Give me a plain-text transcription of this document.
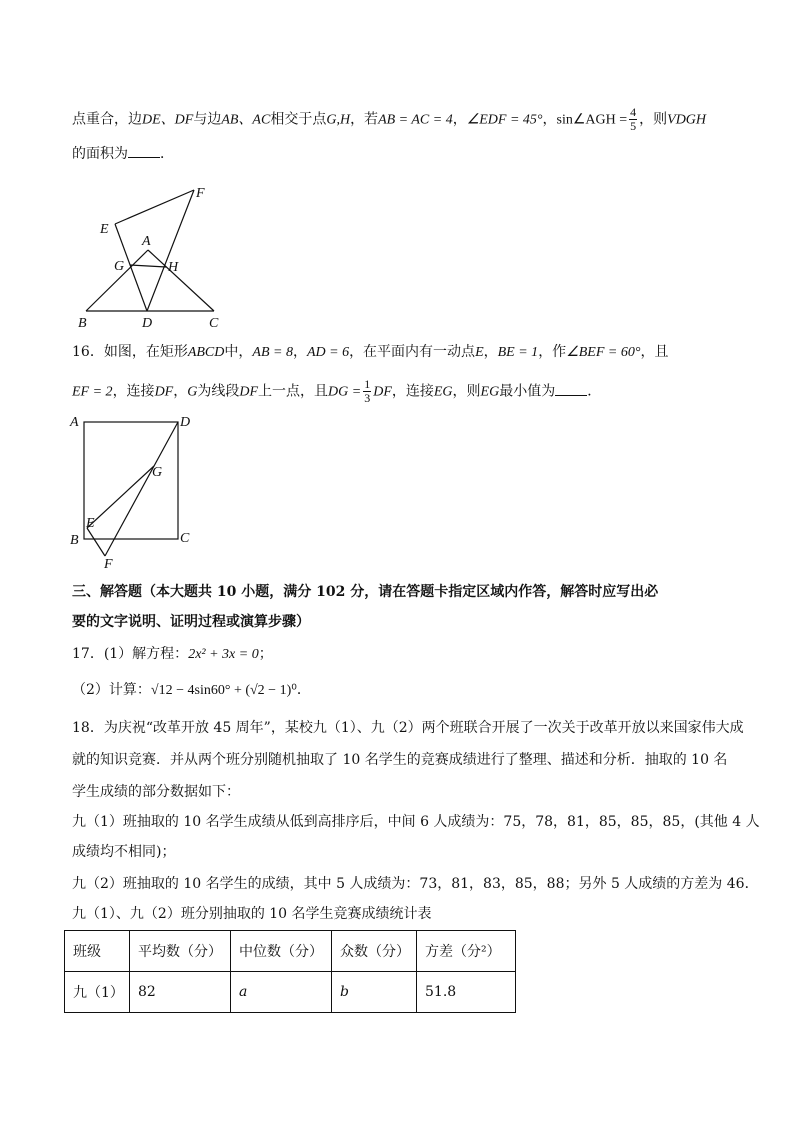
点重合，边DE、DF与边AB、AC相交于点G,H，若AB = AC = 4，∠EDF = 45°，sin∠AGH = $\frac{4}{5}$ ，则VDGH
的面积为 ．
F
E
A
G	H
B	D	C
16．如图，在矩形ABCD中，AB = 8，AD = 6，在平面内有一动点E，BE = 1，作∠BEF = 60°，且
EF = 2，连接DF，G为线段DF上一点，且DG = $\frac{1}{3}$ DF，连接EG，则EG最小值为 ．
A	D
G
E
B	C
F
三、解答题（本大题共 10 小题，满分 102 分，请在答题卡指定区域内作答，解答时应写出必
要的文字说明、证明过程或演算步骤）
17．(1）解方程：2x² + 3x = 0；
（2）计算：√12 − 4sin60° + (√2 − 1)⁰．
18．为庆祝“改革开放 45 周年”，某校九（1）、九（2）两个班联合开展了一次关于改革开放以来国家伟大成
就的知识竞赛．并从两个班分别随机抽取了 10 名学生的竞赛成绩进行了整理、描述和分析．抽取的 10 名
学生成绩的部分数据如下：
九（1）班抽取的 10 名学生成绩从低到高排序后，中间 6 人成绩为：75，78，81，85，85，85，(其他 4 人
成绩均不相同)；
九（2）班抽取的 10 名学生的成绩，其中 5 人成绩为：73，81，83，85，88；另外 5 人成绩的方差为 46．
九（1）、九（2）班分别抽取的 10 名学生竞赛成绩统计表
班级	平均数（分）	中位数（分）	众数（分）	方差（分²）
九（1）	82	a	b	51.8
